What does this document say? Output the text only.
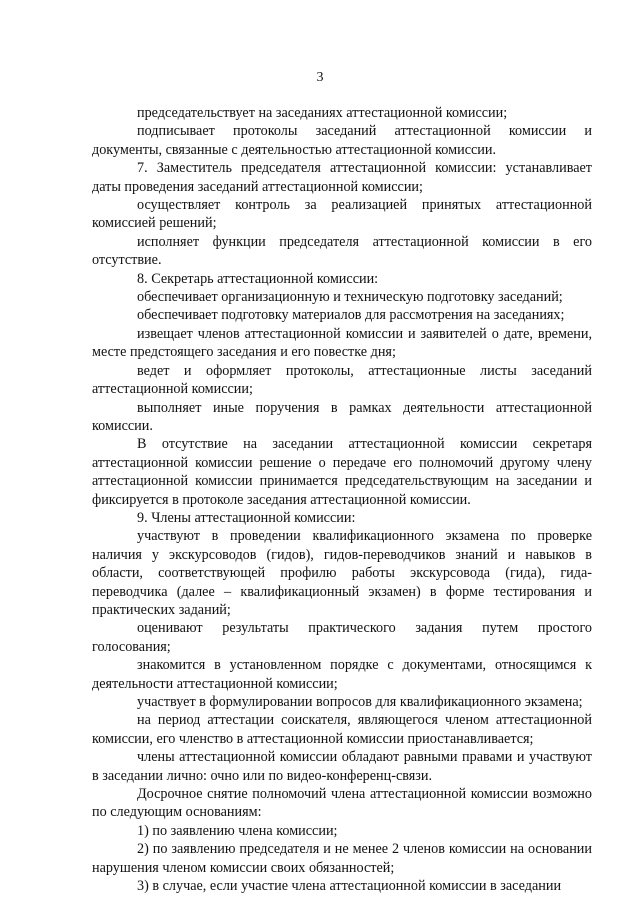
3

председательствует на заседаниях аттестационной комиссии;

подписывает протоколы заседаний аттестационной комиссии и документы, связанные с деятельностью аттестационной комиссии.

7. Заместитель председателя аттестационной комиссии: устанавливает даты проведения заседаний аттестационной комиссии;

осуществляет контроль за реализацией принятых аттестационной комиссией решений;

исполняет функции председателя аттестационной комиссии в его отсутствие.

8. Секретарь аттестационной комиссии:

обеспечивает организационную и техническую подготовку заседаний;

обеспечивает подготовку материалов для рассмотрения на заседаниях;

извещает членов аттестационной комиссии и заявителей о дате, времени, месте предстоящего заседания и его повестке дня;

ведет и оформляет протоколы, аттестационные листы заседаний аттестационной комиссии;

выполняет иные поручения в рамках деятельности аттестационной комиссии.

В отсутствие на заседании аттестационной комиссии секретаря аттестационной комиссии решение о передаче его полномочий другому члену аттестационной комиссии принимается председательствующим на заседании и фиксируется в протоколе заседания аттестационной комиссии.

9. Члены аттестационной комиссии:

участвуют в проведении квалификационного экзамена по проверке наличия у экскурсоводов (гидов), гидов-переводчиков знаний и навыков в области, соответствующей профилю работы экскурсовода (гида), гида-переводчика (далее – квалификационный экзамен) в форме тестирования и практических заданий;

оценивают результаты практического задания путем простого голосования;

знакомится в установленном порядке с документами, относящимся к деятельности аттестационной комиссии;

участвует в формулировании вопросов для квалификационного экзамена;

на период аттестации соискателя, являющегося членом аттестационной комиссии, его членство в аттестационной комиссии приостанавливается;

члены аттестационной комиссии обладают равными правами и участвуют в заседании лично: очно или по видео-конференц-связи.

Досрочное снятие полномочий члена аттестационной комиссии возможно по следующим основаниям:

1) по заявлению члена комиссии;

2) по заявлению председателя и не менее 2 членов комиссии на основании нарушения членом комиссии своих обязанностей;

3) в случае, если участие члена аттестационной комиссии в заседании
